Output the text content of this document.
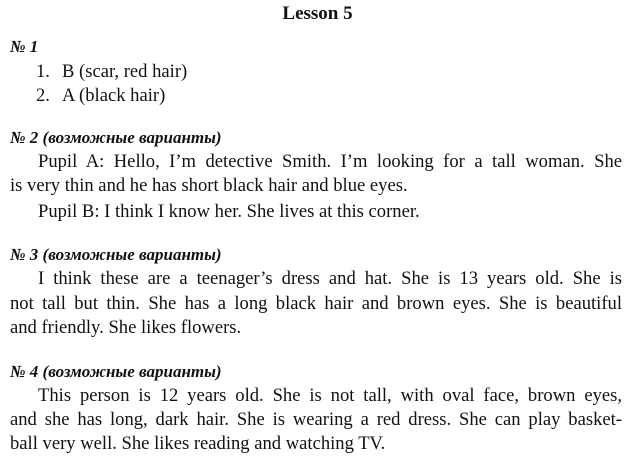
Lesson 5
№ 1
1. B (scar, red hair)
2. A (black hair)
№ 2 (возможные варианты)
Pupil A: Hello, I’m detective Smith. I’m looking for a tall woman. She
is very thin and he has short black hair and blue eyes.
Pupil B: I think I know her. She lives at this corner.
№ 3 (возможные варианты)
I think these are a teenager’s dress and hat. She is 13 years old. She is
not tall but thin. She has a long black hair and brown eyes. She is beautiful
and friendly. She likes flowers.
№ 4 (возможные варианты)
This person is 12 years old. She is not tall, with oval face, brown eyes,
and she has long, dark hair. She is wearing a red dress. She can play basket-
ball very well. She likes reading and watching TV.
